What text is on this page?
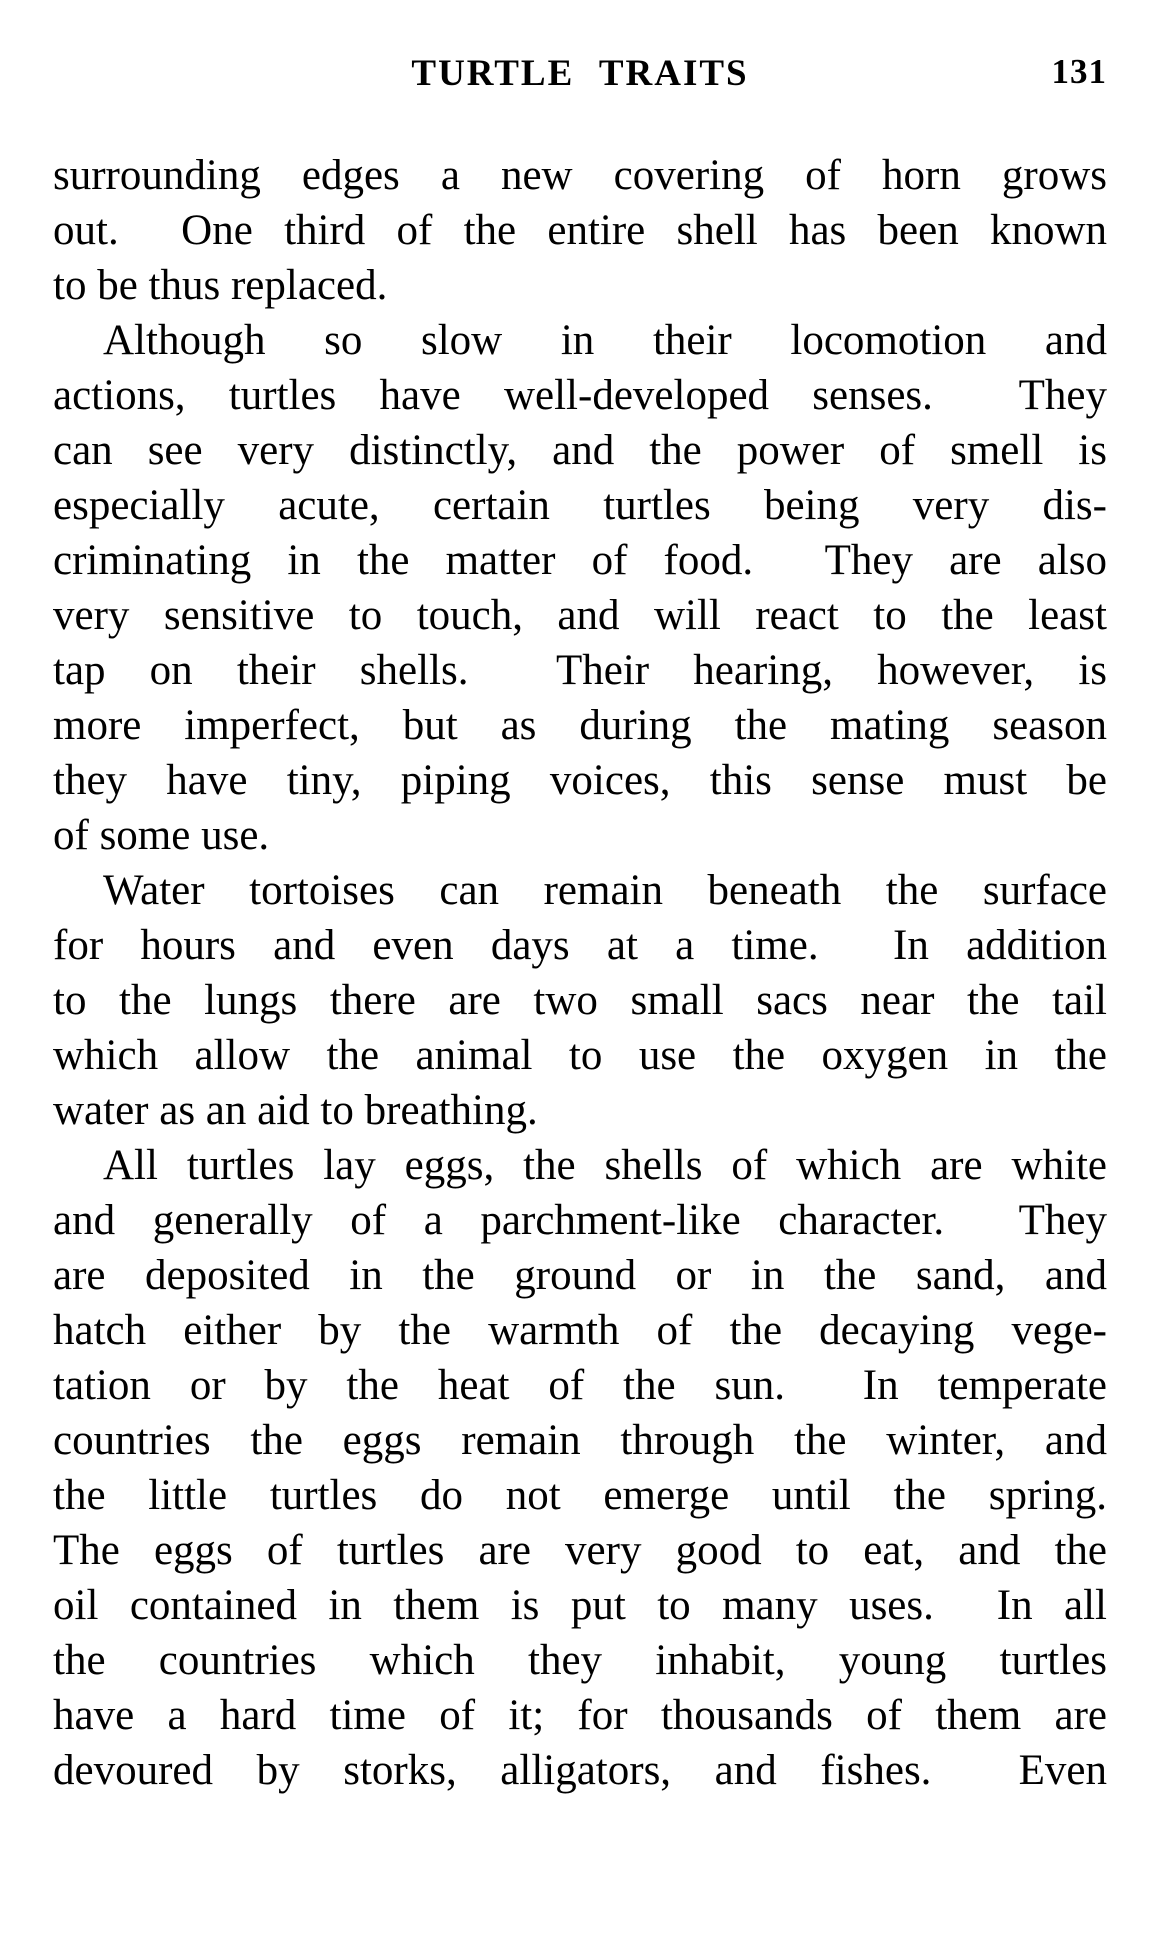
TURTLE TRAITS	131
surrounding edges a new covering of horn grows
out.  One third of the entire shell has been known
to be thus replaced.
Although so slow in their locomotion and
actions, turtles have well-developed senses.  They
can see very distinctly, and the power of smell is
especially acute, certain turtles being very dis-
criminating in the matter of food.  They are also
very sensitive to touch, and will react to the least
tap on their shells.  Their hearing, however, is
more imperfect, but as during the mating season
they have tiny, piping voices, this sense must be
of some use.
Water tortoises can remain beneath the surface
for hours and even days at a time.  In addition
to the lungs there are two small sacs near the tail
which allow the animal to use the oxygen in the
water as an aid to breathing.
All turtles lay eggs, the shells of which are white
and generally of a parchment-like character.  They
are deposited in the ground or in the sand, and
hatch either by the warmth of the decaying vege-
tation or by the heat of the sun.  In temperate
countries the eggs remain through the winter, and
the little turtles do not emerge until the spring.
The eggs of turtles are very good to eat, and the
oil contained in them is put to many uses.  In all
the countries which they inhabit, young turtles
have a hard time of it; for thousands of them are
devoured by storks, alligators, and fishes.  Even
